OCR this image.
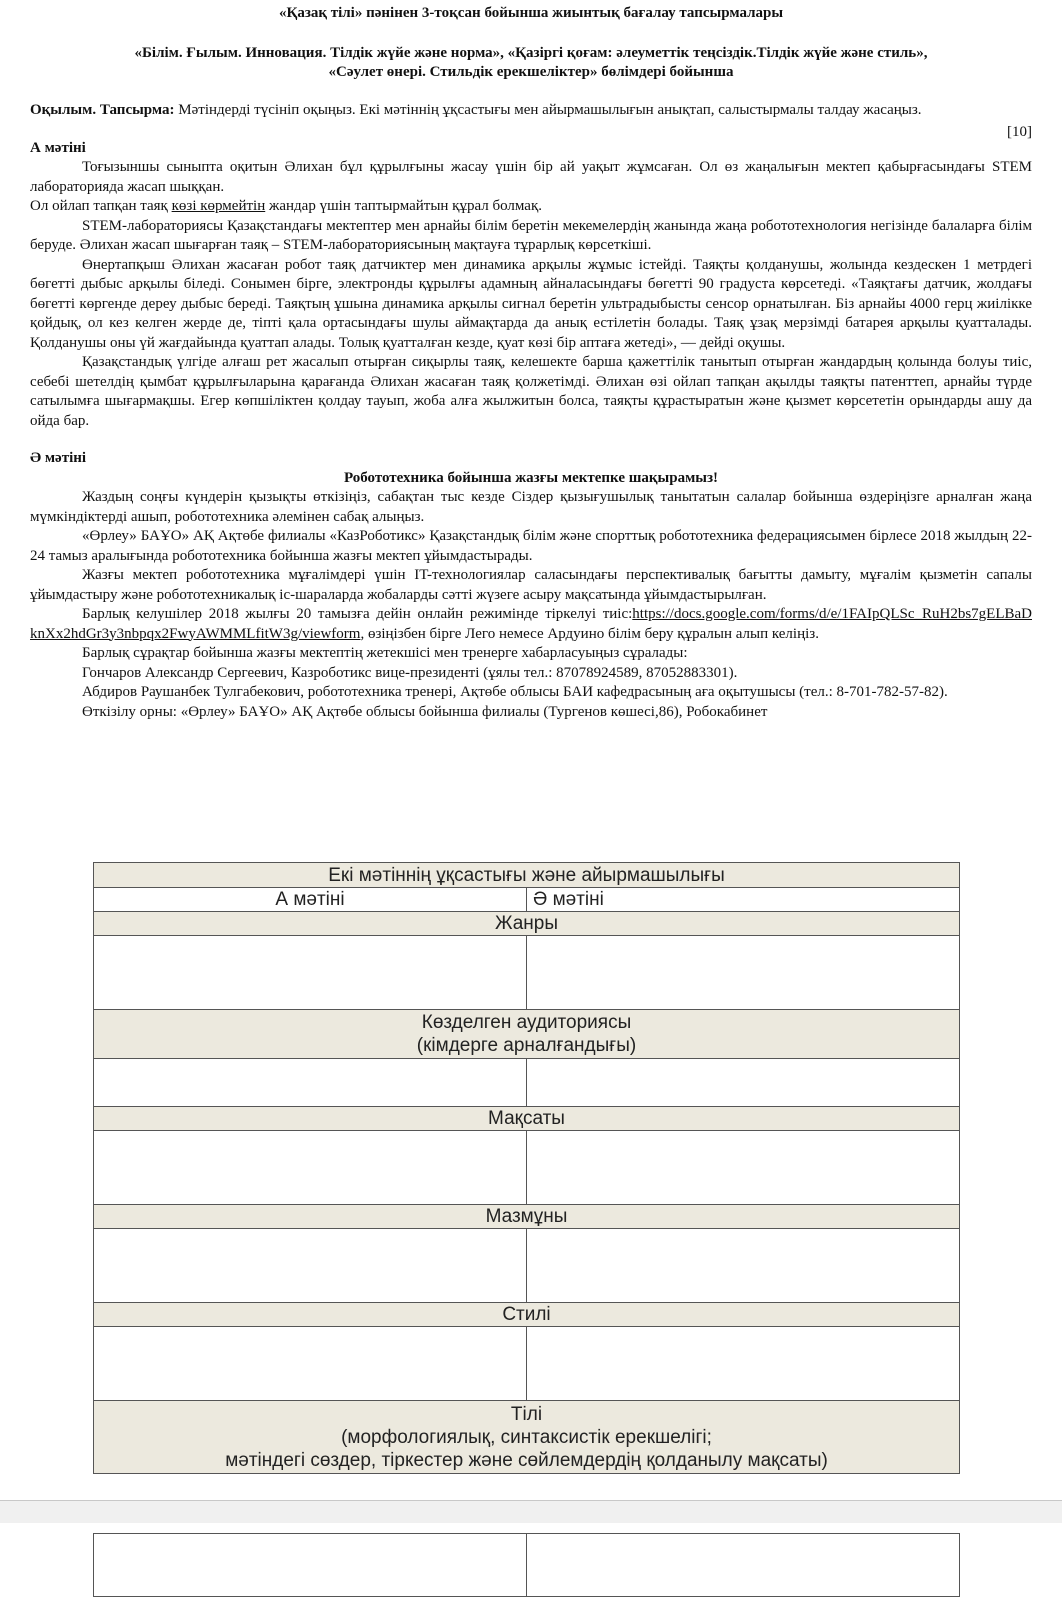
«Қазақ тілі» пәнінен 3-тоқсан бойынша жиынтық бағалау тапсырмалары
«Білім. Ғылым. Инновация. Тілдік жүйе және норма», «Қазіргі қоғам: әлеуметтік теңсіздік.Тілдік жүйе және стиль»,
«Сәулет өнері. Стильдік ерекшеліктер» бөлімдері бойынша

Оқылым. Тапсырма: Мәтіндерді түсініп оқыңыз. Екі мәтіннің ұқсастығы мен айырмашылығын анықтап, салыстырмалы талдау жасаңыз.

[10]
А мәтіні

Тоғызыншы сыныпта оқитын Әлихан бұл құрылғыны жасау үшін бір ай уақыт жұмсаған. Ол өз жаңалығын мектеп қабырғасындағы STEM лабораторияда жасап шыққан.

Ол ойлап тапқан таяқ көзі көрмейтін жандар үшін таптырмайтын құрал болмақ.

STEM-лабораториясы Қазақстандағы мектептер мен арнайы білім беретін мекемелердің жанында жаңа робототехнология негізінде балаларға білім беруде. Әлихан жасап шығарған таяқ – STEM-лабораториясының мақтауға тұрарлық көрсеткіші.

Өнертапқыш Әлихан жасаған робот таяқ датчиктер мен динамика арқылы жұмыс істейді. Таяқты қолданушы, жолында кездескен 1 метрдегі бөгетті дыбыс арқылы біледі. Сонымен бірге, электронды құрылғы адамның айналасындағы бөгетті 90 градуста көрсетеді. «Таяқтағы датчик, жолдағы бөгетті көргенде дереу дыбыс береді. Таяқтың ұшына динамика арқылы сигнал беретін ультрадыбысты сенсор орнатылған. Біз арнайы 4000 герц жиілікке қойдық, ол кез келген жерде де, тіпті қала ортасындағы шулы аймақтарда да анық естілетін болады. Таяқ ұзақ мерзімді батарея арқылы қуатталады. Қолданушы оны үй жағдайында қуаттап алады. Толық қуатталған кезде, қуат көзі бір аптаға жетеді», — дейді оқушы.

Қазақстандық үлгіде алғаш рет жасалып отырған сиқырлы таяқ, келешекте барша қажеттілік танытып отырған жандардың қолында болуы тиіс, себебі шетелдің қымбат құрылғыларына қарағанда Әлихан жасаған таяқ қолжетімді. Әлихан өзі ойлап тапқан ақылды таяқты патенттеп, арнайы түрде сатылымға шығармақшы. Егер көпшіліктен қолдау тауып, жоба алға жылжитын болса, таяқты құрастыратын және қызмет көрсететін орындарды ашу да ойда бар.

Ә мәтіні
Робототехника бойынша жазғы мектепке шақырамыз!

Жаздың соңғы күндерін қызықты өткізіңіз, сабақтан тыс кезде Сіздер қызығушылық танытатын салалар бойынша өздеріңізге арналған жаңа мүмкіндіктерді ашып, робототехника әлемінен сабақ алыңыз.

«Өрлеу» БАҰО» АҚ Ақтөбе филиалы «КазРоботикс» Қазақстандық білім және спорттық робототехника федерациясымен бірлесе 2018 жылдың 22-24 тамыз аралығында робототехника бойынша жазғы мектеп ұйымдастырады.

Жазғы мектеп робототехника мұғалімдері үшін IT-технологиялар саласындағы перспективалық бағытты дамыту, мұғалім қызметін сапалы ұйымдастыру және робототехникалық іс-шараларда жобаларды сәтті жүзеге асыру мақсатында ұйымдастырылған.

Барлық келушілер 2018 жылғы 20 тамызға дейін онлайн режимінде тіркелуі тиіс:https://docs.google.com/forms/d/e/1FAIpQLSc_RuH2bs7gELBaD knXx2hdGr3y3nbpqx2FwyAWMMLfitW3g/viewform, өзіңізбен бірге Лего немесе Ардуино білім беру құралын алып келіңіз.

Барлық сұрақтар бойынша жазғы мектептің жетекшісі мен тренерге хабарласуыңыз сұралады:

Гончаров Александр Сергеевич, Казроботикс вице-президенті (ұялы тел.: 87078924589, 87052883301).

Абдиров Раушанбек Тулгабекович, робототехника тренері, Ақтөбе облысы БАИ кафедрасының аға оқытушысы (тел.: 8-701-782-57-82).

Өткізілу орны: «Өрлеу» БАҰО» АҚ Ақтөбе облысы бойынша филиалы (Тургенов көшесі,86), Робокабинет

Екі мәтіннің ұқсастығы және айырмашылығы	
А мәтіні	Ә мәтіні
Жанры	

Көзделген аудиториясы
(кімдерге арналғандығы)	

Мақсаты	

Мазмұны	

Стилі	

Тілі
(морфологиялық, синтаксистік ерекшелігі;
мәтіндегі сөздер, тіркестер және сөйлемдердің қолданылу мақсаты)	
